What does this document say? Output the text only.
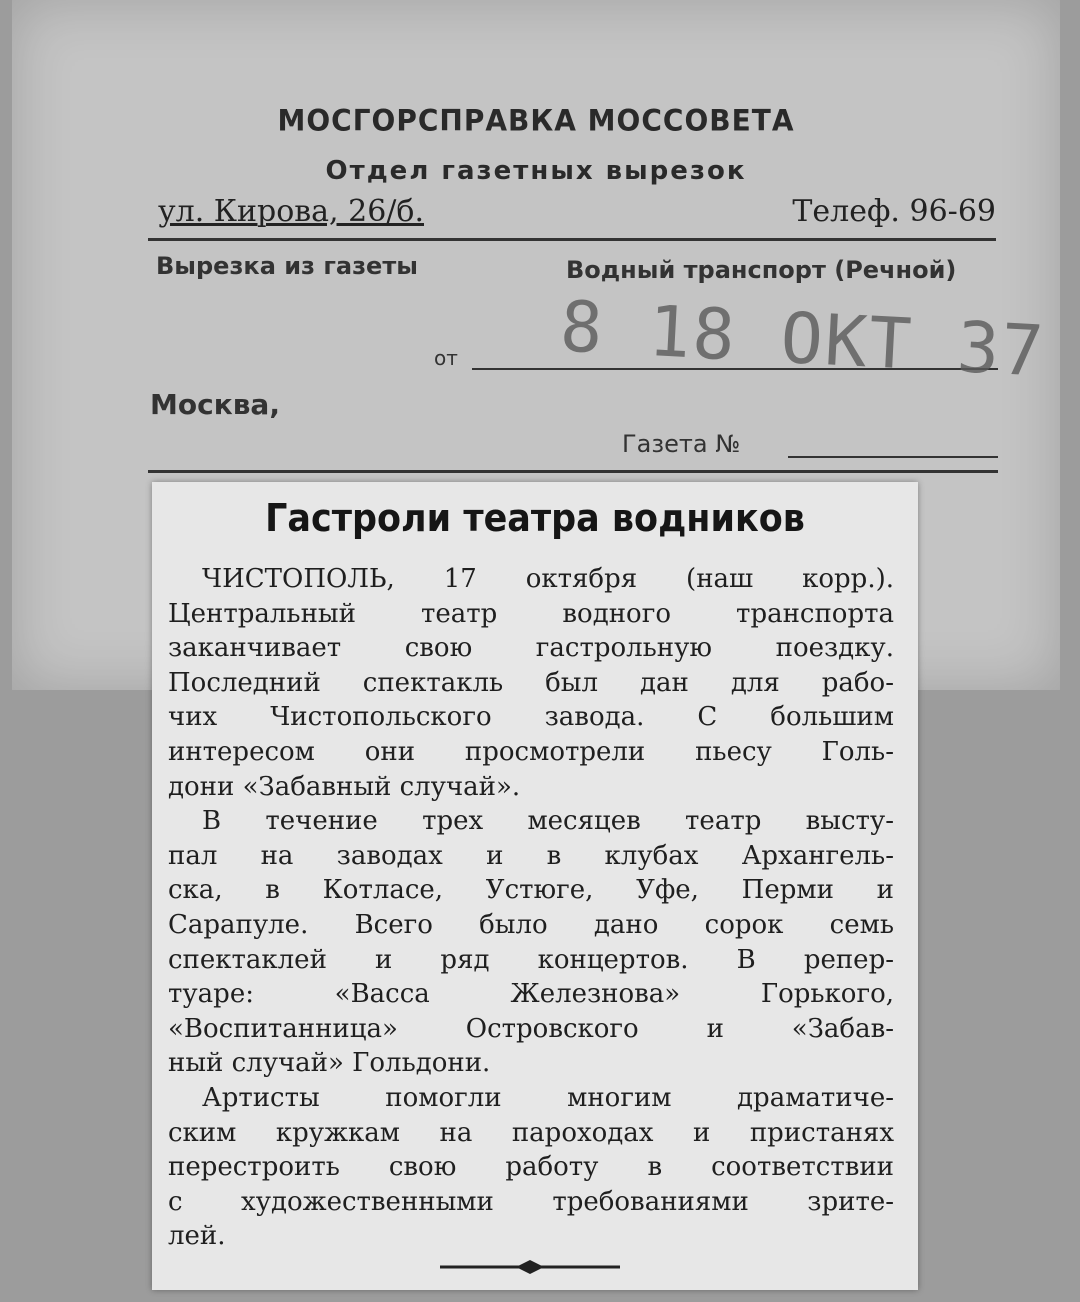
МОСГОРСПРАВКА МОССОВЕТА
Отдел газетных вырезок
ул. Кирова, 26/б.	Телеф. 96-69
Вырезка из газеты	Водный транспорт (Речной)
от 8 18 ОКТ 37
Москва,
Газета №
Гастроли театра водников
ЧИСТОПОЛЬ, 17 октября (наш корр.).
Центральный театр водного транспорта
заканчивает свою гастрольную поездку.
Последний спектакль был дан для рабо-
чих Чистопольского завода. С большим
интересом они просмотрели пьесу Голь-
дони «Забавный случай».
В течение трех месяцев театр высту-
пал на заводах и в клубах Архангель-
ска, в Котласе, Устюге, Уфе, Перми и
Сарапуле. Всего было дано сорок семь
спектаклей и ряд концертов. В репер-
туаре: «Васса Железнова» Горького,
«Воспитанница» Островского и «Забав-
ный случай» Гольдони.
Артисты помогли многим драматиче-
ским кружкам на пароходах и пристанях
перестроить свою работу в соответствии
с художественными требованиями зрите-
лей.
